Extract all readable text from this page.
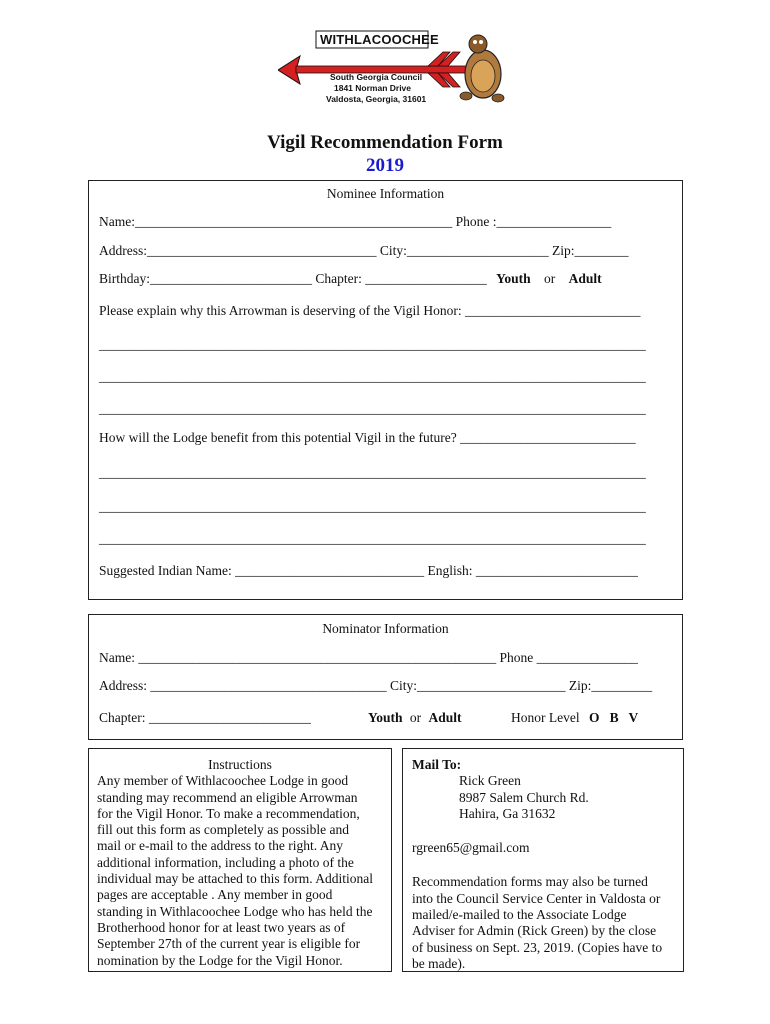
WITHLACOOCHEE
South Georgia Council
1841 Norman Drive
Valdosta, Georgia, 31601
Vigil Recommendation Form
2019
Nominee Information
Name:_______________________________________________ Phone :_________________
Address:__________________________________ City:_____________________ Zip:________
Birthday:________________________ Chapter: __________________ Youth or Adult
Please explain why this Arrowman is deserving of the Vigil Honor: __________________________
_________________________________________________________________________________
_________________________________________________________________________________
_________________________________________________________________________________
How will the Lodge benefit from this potential Vigil in the future? __________________________
_________________________________________________________________________________
_________________________________________________________________________________
_________________________________________________________________________________
Suggested Indian Name: ____________________________ English: ________________________
Nominator Information
Name: _____________________________________________________ Phone _______________
Address: ___________________________________ City:______________________ Zip:_________
Chapter: ________________________	Youth or Adult	Honor Level O   B   V
Instructions
Any member of Withlacoochee Lodge in good
standing may recommend an eligible Arrowman
for the Vigil Honor. To make a recommendation,
fill out this form as completely as possible and
mail or e-mail to the address to the right. Any
additional information, including a photo of the
individual may be attached to this form. Additional
pages are acceptable . Any member in good
standing in Withlacoochee Lodge who has held the
Brotherhood honor for at least two years as of
September 27th of the current year is eligible for
nomination by the Lodge for the Vigil Honor.
Mail To:
Rick Green
8987 Salem Church Rd.
Hahira, Ga 31632
rgreen65@gmail.com
Recommendation forms may also be turned
into the Council Service Center in Valdosta or
mailed/e-mailed to the Associate Lodge
Adviser for Admin (Rick Green) by the close
of business on Sept. 23, 2019. (Copies have to
be made).
